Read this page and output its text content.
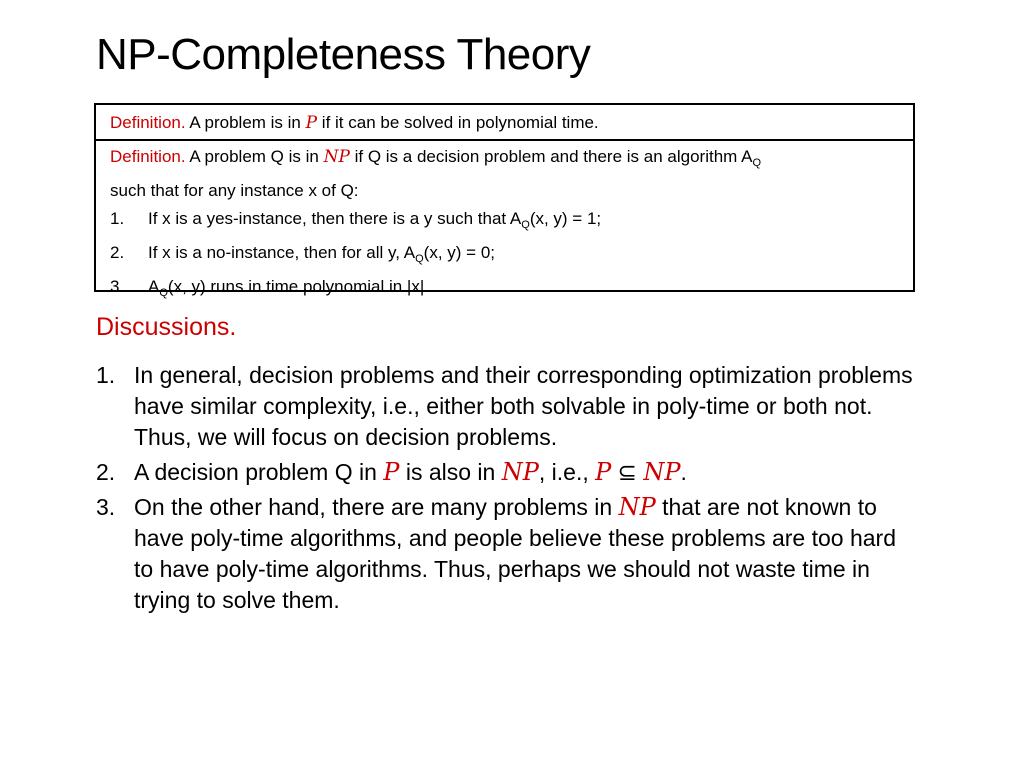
NP-Completeness Theory
Definition. A problem is in P if it can be solved in polynomial time.
Definition. A problem Q is in NP if Q is a decision problem and there is an algorithm $A_Q$
such that for any instance x of Q:
1.	If x is a yes-instance, then there is a y such that $A_Q(x$, y) = 1;
2.	If x is a no-instance, then for all y, $A_Q(x$, y) = 0;
3.	$A_Q(x$, y) runs in time polynomial in |x|.
Discussions.
1. In general, decision problems and their corresponding optimization problems have similar complexity, i.e., either both solvable in poly-time or both not. Thus, we will focus on decision problems.
2. A decision problem Q in P is also in NP, i.e., P ⊆ NP.
3. On the other hand, there are many problems in NP that are not known to have poly-time algorithms, and people believe these problems are too hard to have poly-time algorithms. Thus, perhaps we should not waste time in trying to solve them.
